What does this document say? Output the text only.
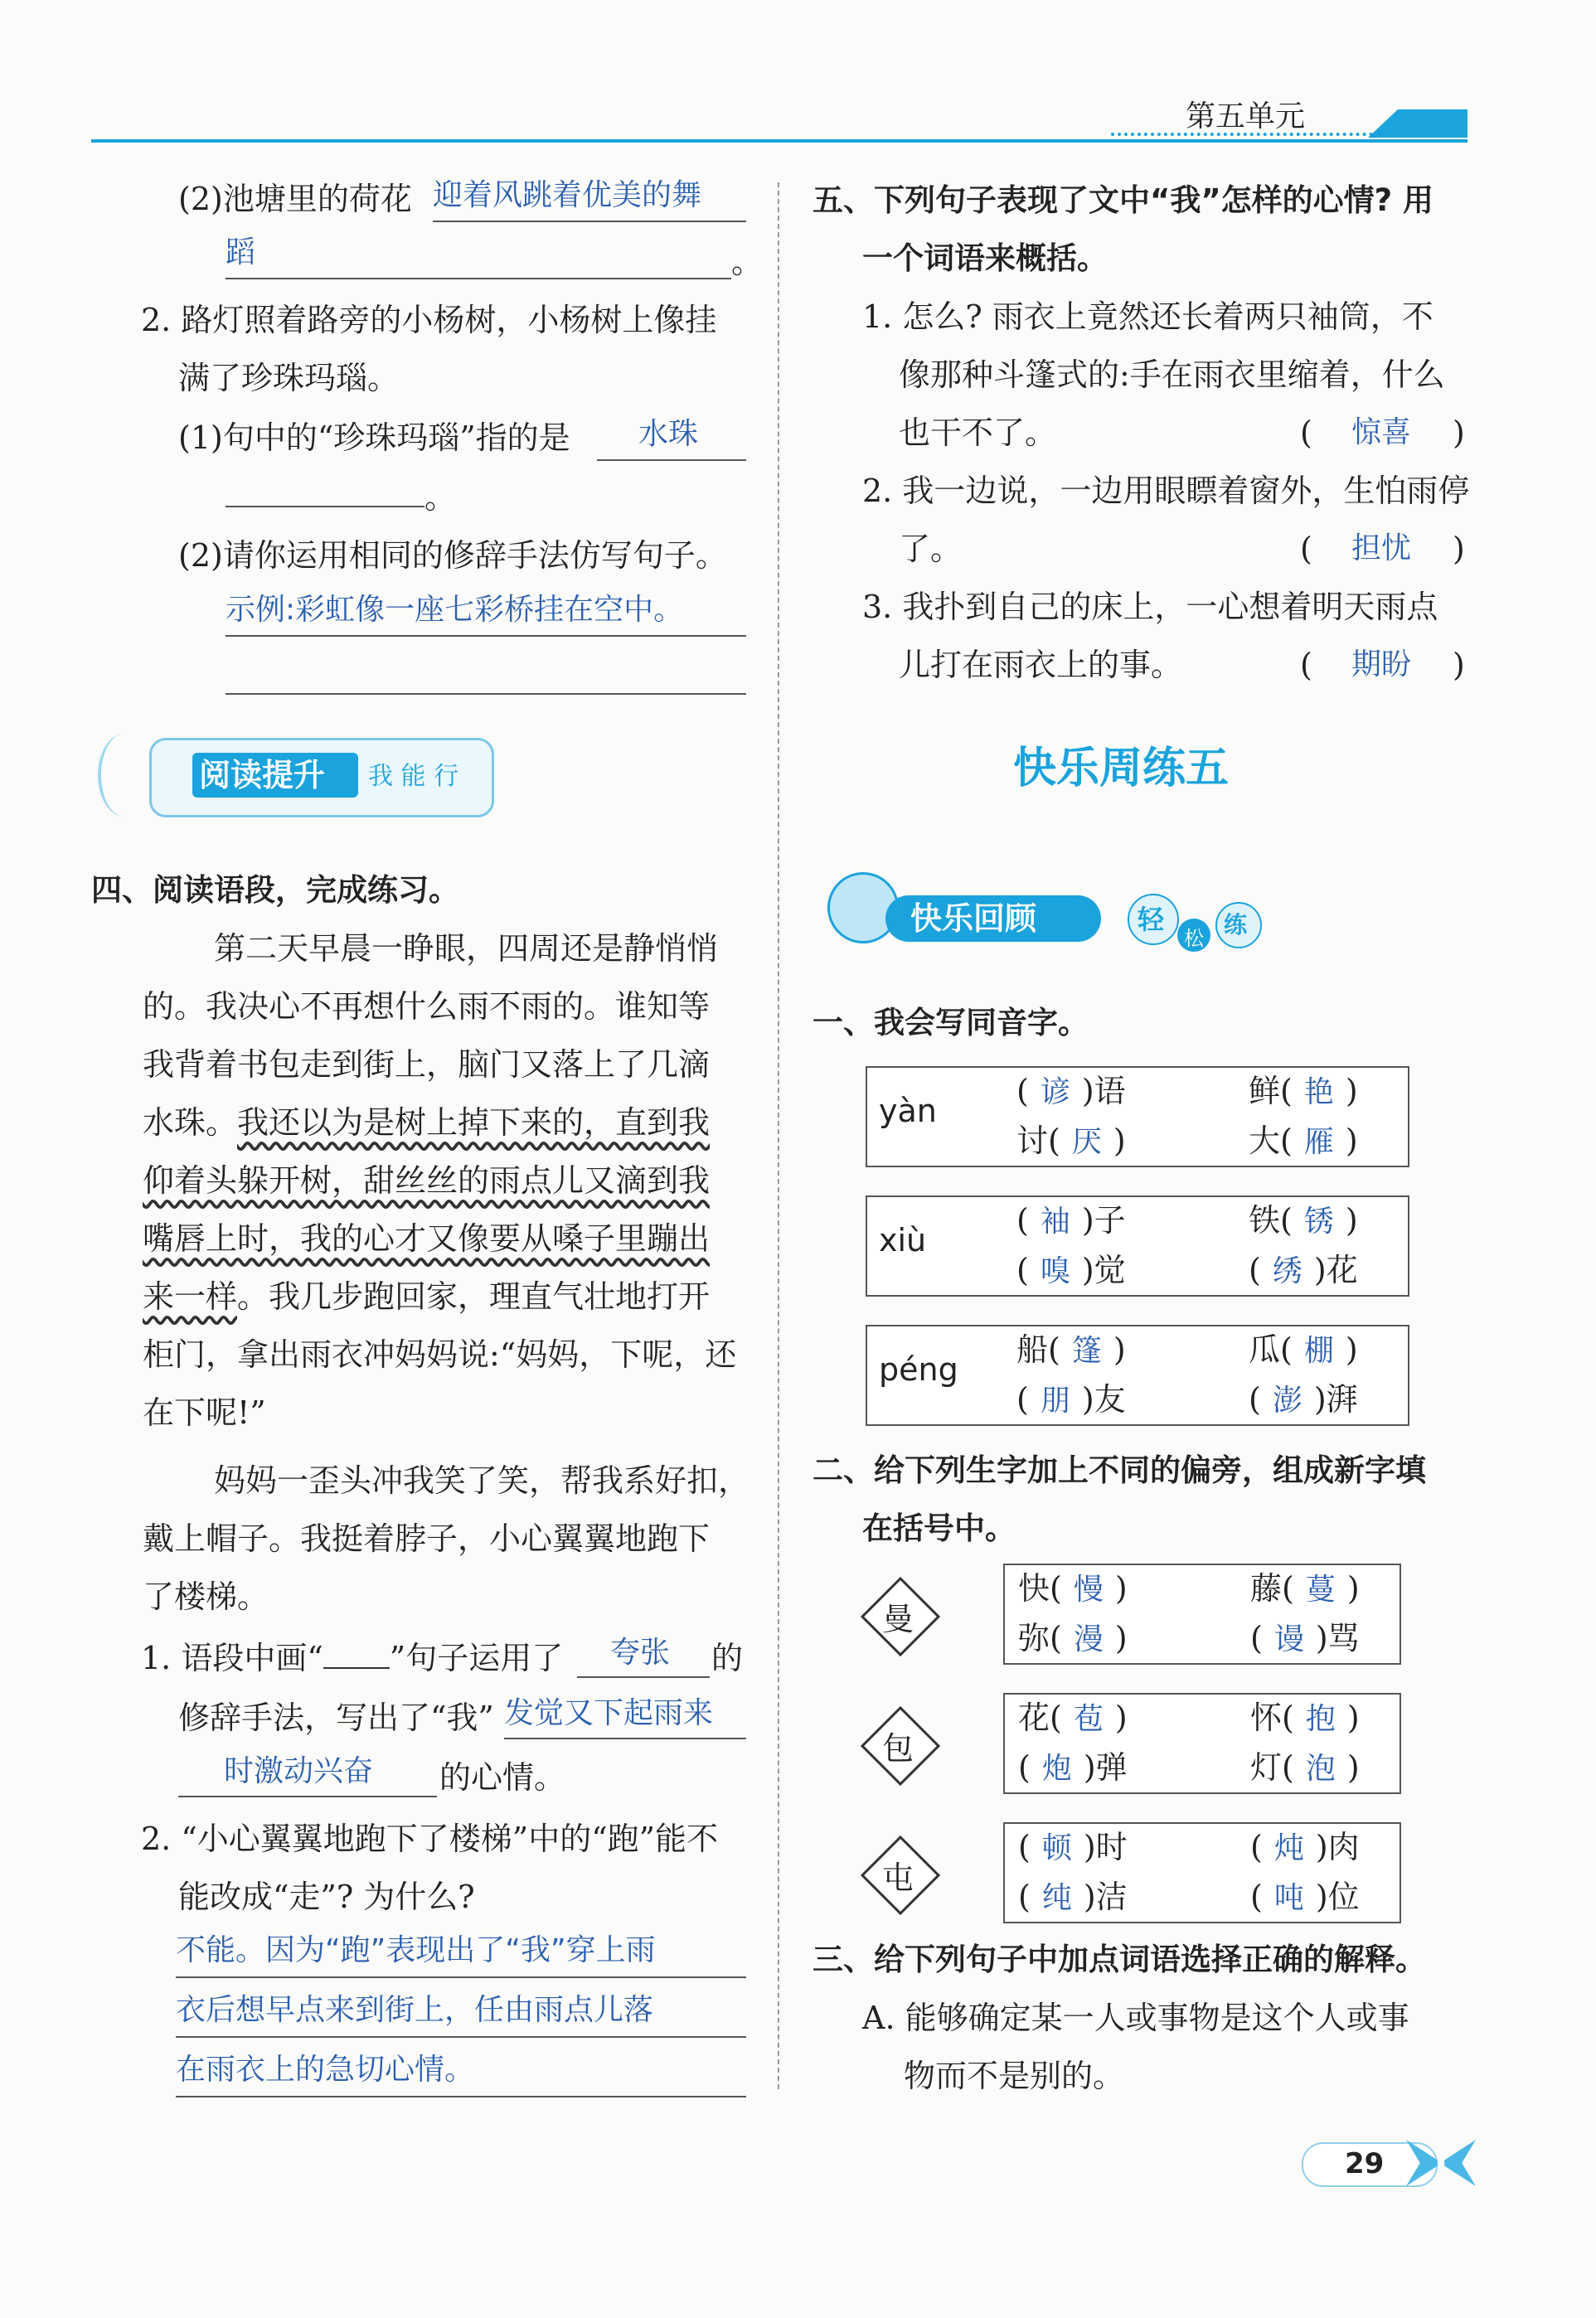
第五单元
(2)池塘里的荷花 迎着风跳着优美的舞
蹈	。
2. 路灯照着路旁的小杨树，小杨树上像挂
满了珍珠玛瑙。
(1)句中的“珍珠玛瑙”指的是	水珠
。
(2)请你运用相同的修辞手法仿写句子。
示例:彩虹像一座七彩桥挂在空中。
阅读提升 我 能 行
四、阅读语段，完成练习。
第二天早晨一睁眼，四周还是静悄悄
的。我决心不再想什么雨不雨的。谁知等
我背着书包走到街上，脑门又落上了几滴
水珠。我还以为是树上掉下来的，直到我
仰着头躲开树，甜丝丝的雨点儿又滴到我
嘴唇上时，我的心才又像要从嗓子里蹦出
来一样。我几步跑回家，理直气壮地打开
柜门，拿出雨衣冲妈妈说:“妈妈，下呢，还
在下呢!”
妈妈一歪头冲我笑了笑，帮我系好扣，
戴上帽子。我挺着脖子，小心翼翼地跑下
了楼梯。
1. 语段中画“ ”句子运用了	夸张	的
修辞手法，写出了“我” 发觉又下起雨来
时激动兴奋	的心情。
2. “小心翼翼地跑下了楼梯”中的“跑”能不
能改成“走”? 为什么?
不能。因为“跑”表现出了“我”穿上雨
衣后想早点来到街上，任由雨点儿落
在雨衣上的急切心情。
五、下列句子表现了文中“我”怎样的心情? 用
一个词语来概括。
1. 怎么? 雨衣上竟然还长着两只袖筒，不
像那种斗篷式的:手在雨衣里缩着，什么
也干不了。	( 惊喜 )
2. 我一边说，一边用眼瞟着窗外，生怕雨停
了。	( 担忧 )
3. 我扑到自己的床上，一心想着明天雨点
儿打在雨衣上的事。	( 期盼 )
快乐周练五
快乐回顾	轻
松 练
一、我会写同音字。
yàn
( 谚 )语	鲜( 艳 )
讨( 厌 )	大( 雁 )
xiù
( 袖 )子	铁( 锈 )
( 嗅 )觉	( 绣 )花
péng
船( 篷 )	瓜( 棚 )
( 朋 )友	( 澎 )湃
二、给下列生字加上不同的偏旁，组成新字填
在括号中。
曼
快( 慢 )	藤( 蔓 )
弥( 漫 )	( 谩 )骂
包
花( 苞 )	怀( 抱 )
( 炮 )弹	灯( 泡 )
屯
( 顿 )时	( 炖 )肉
( 纯 )洁	( 吨 )位
三、给下列句子中加点词语选择正确的解释。
A. 能够确定某一人或事物是这个人或事
物而不是别的。
29
